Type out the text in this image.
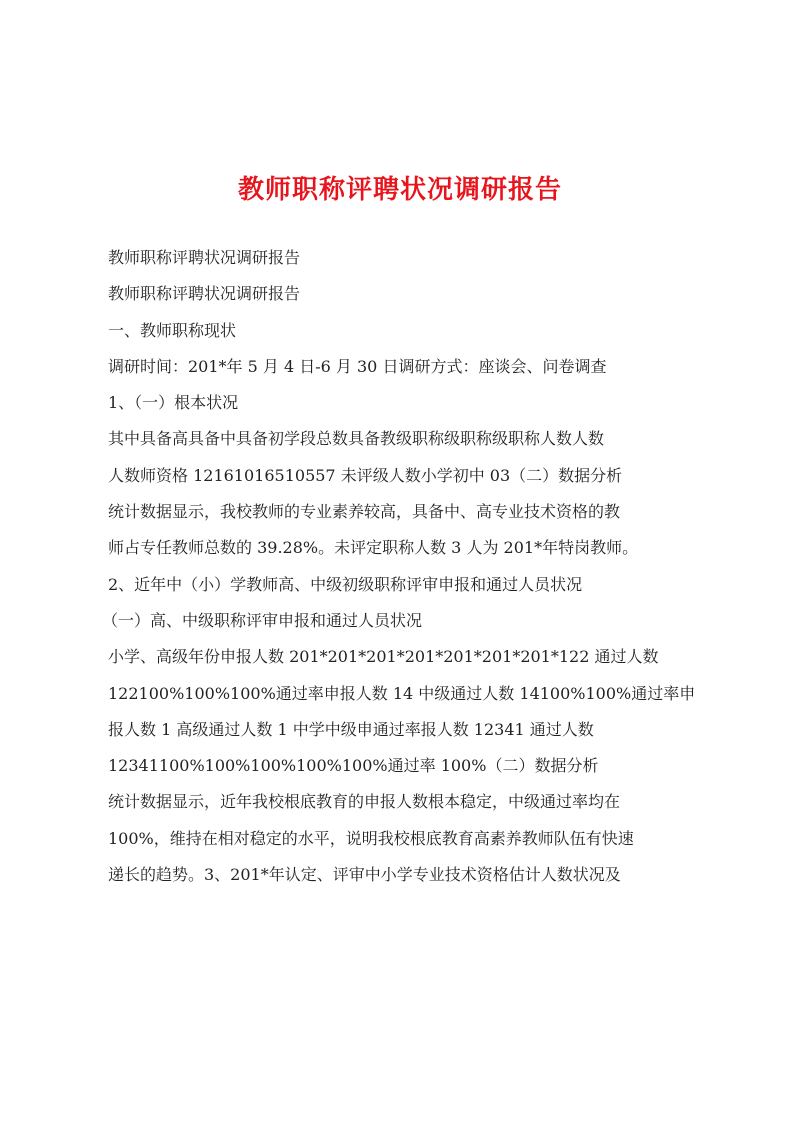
教师职称评聘状况调研报告
教师职称评聘状况调研报告
教师职称评聘状况调研报告
一、教师职称现状
调研时间：201*年 5 月 4 日-6 月 30 日调研方式：座谈会、问卷调查
1、（一）根本状况
其中具备高具备中具备初学段总数具备教级职称级职称级职称人数人数
人数师资格 12161016510557 未评级人数小学初中 03（二）数据分析
统计数据显示，我校教师的专业素养较高，具备中、高专业技术资格的教
师占专任教师总数的 39.28%。未评定职称人数 3 人为 201*年特岗教师。
2、近年中（小）学教师高、中级初级职称评审申报和通过人员状况
（一）高、中级职称评审申报和通过人员状况
小学、高级年份申报人数 201*201*201*201*201*201*201*122 通过人数
122100%100%100%通过率申报人数 14 中级通过人数 14100%100%通过率申
报人数 1 高级通过人数 1 中学中级申通过率报人数 12341 通过人数
12341100%100%100%100%100%通过率 100%（二）数据分析
统计数据显示，近年我校根底教育的申报人数根本稳定，中级通过率均在
100%，维持在相对稳定的水平，说明我校根底教育高素养教师队伍有快速
递长的趋势。3、201*年认定、评审中小学专业技术资格估计人数状况及
